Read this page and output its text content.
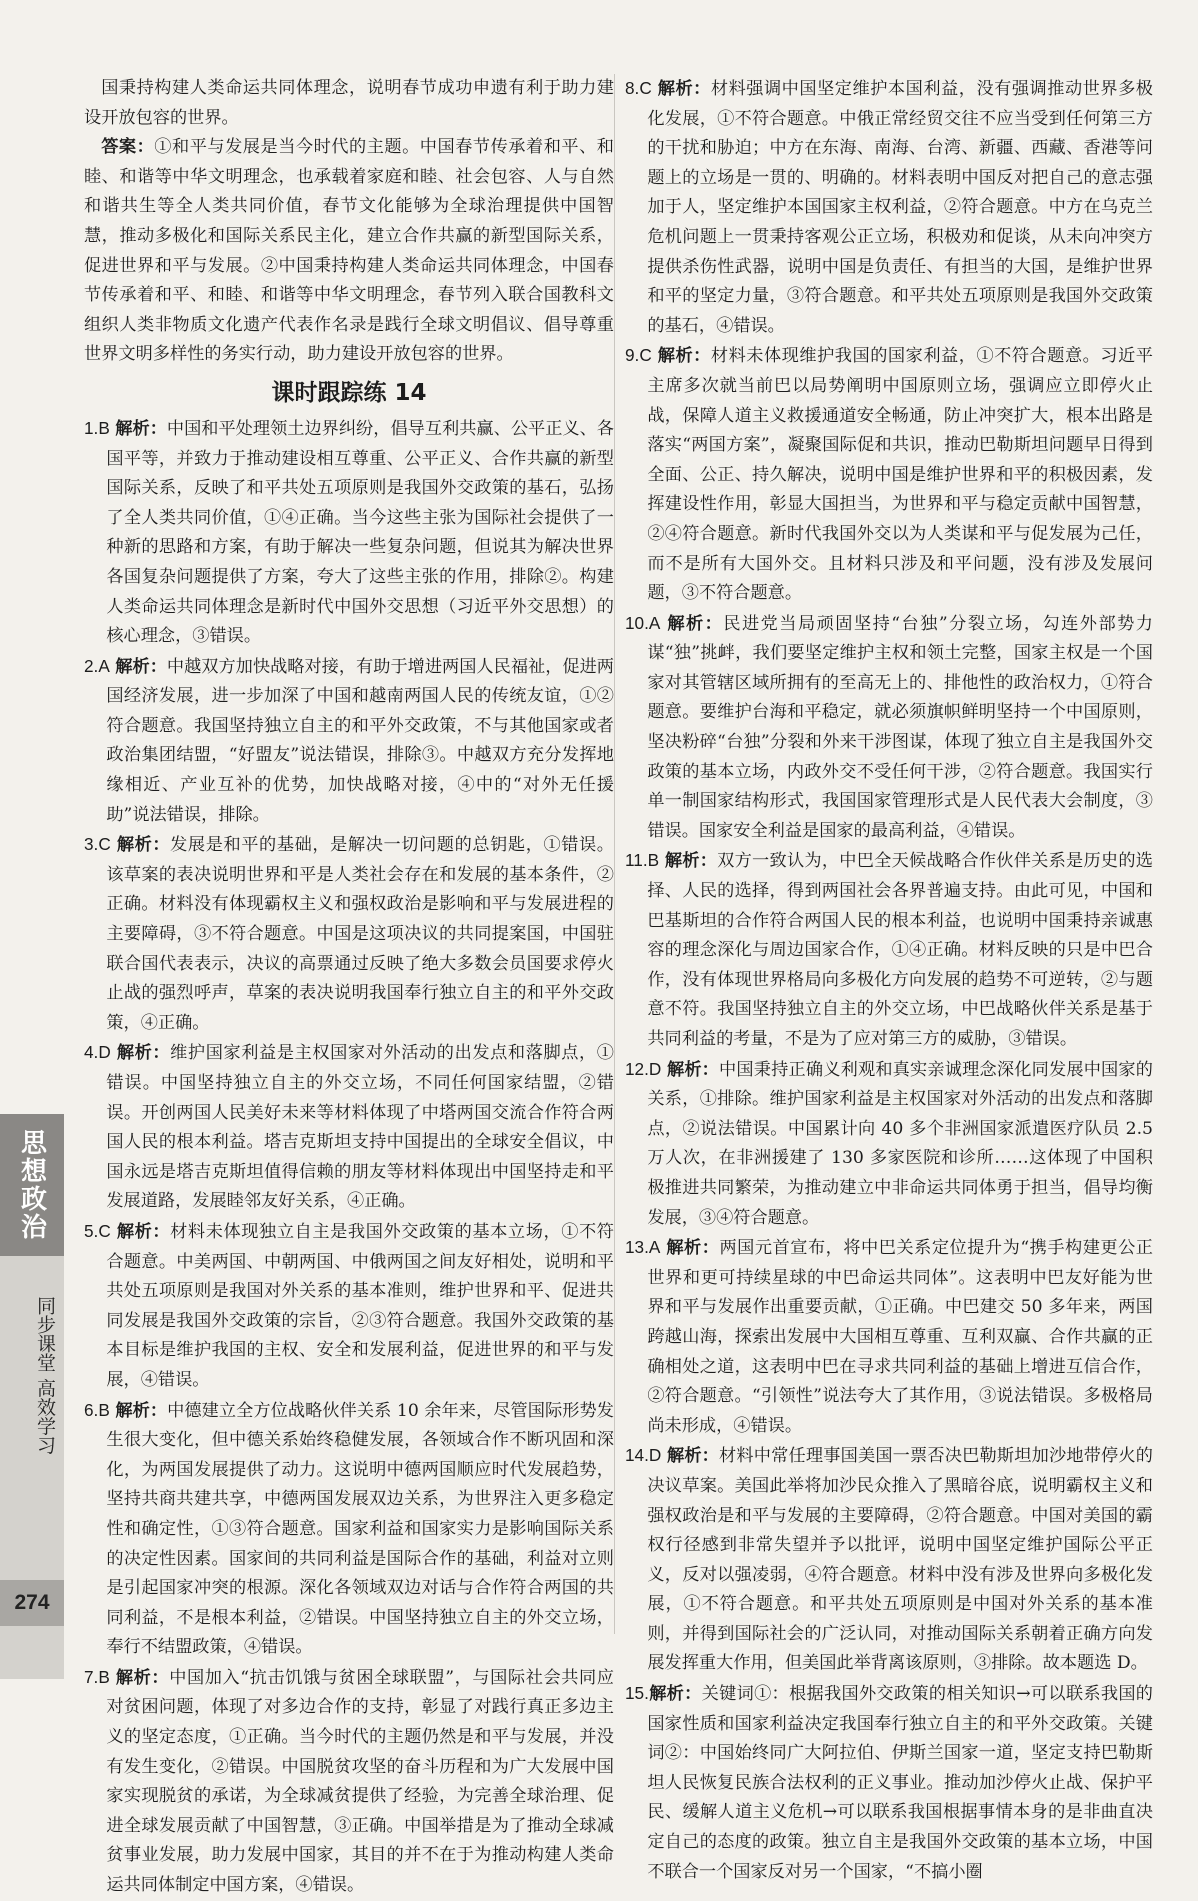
国秉持构建人类命运共同体理念，说明春节成功申遗有利于助力建设开放包容的世界。

答案：①和平与发展是当今时代的主题。中国春节传承着和平、和睦、和谐等中华文明理念，也承载着家庭和睦、社会包容、人与自然和谐共生等全人类共同价值，春节文化能够为全球治理提供中国智慧，推动多极化和国际关系民主化，建立合作共赢的新型国际关系，促进世界和平与发展。②中国秉持构建人类命运共同体理念，中国春节传承着和平、和睦、和谐等中华文明理念，春节列入联合国教科文组织人类非物质文化遗产代表作名录是践行全球文明倡议、倡导尊重世界文明多样性的务实行动，助力建设开放包容的世界。

课时跟踪练 14

1.B 解析：中国和平处理领土边界纠纷，倡导互利共赢、公平正义、各国平等，并致力于推动建设相互尊重、公平正义、合作共赢的新型国际关系，反映了和平共处五项原则是我国外交政策的基石，弘扬了全人类共同价值，①④正确。当今这些主张为国际社会提供了一种新的思路和方案，有助于解决一些复杂问题，但说其为解决世界各国复杂问题提供了方案，夸大了这些主张的作用，排除②。构建人类命运共同体理念是新时代中国外交思想（习近平外交思想）的核心理念，③错误。

2.A 解析：中越双方加快战略对接，有助于增进两国人民福祉，促进两国经济发展，进一步加深了中国和越南两国人民的传统友谊，①②符合题意。我国坚持独立自主的和平外交政策，不与其他国家或者政治集团结盟，“好盟友”说法错误，排除③。中越双方充分发挥地缘相近、产业互补的优势，加快战略对接，④中的“对外无任援助”说法错误，排除。

3.C 解析：发展是和平的基础，是解决一切问题的总钥匙，①错误。该草案的表决说明世界和平是人类社会存在和发展的基本条件，②正确。材料没有体现霸权主义和强权政治是影响和平与发展进程的主要障碍，③不符合题意。中国是这项决议的共同提案国，中国驻联合国代表表示，决议的高票通过反映了绝大多数会员国要求停火止战的强烈呼声，草案的表决说明我国奉行独立自主的和平外交政策，④正确。

4.D 解析：维护国家利益是主权国家对外活动的出发点和落脚点，①错误。中国坚持独立自主的外交立场，不同任何国家结盟，②错误。开创两国人民美好未来等材料体现了中塔两国交流合作符合两国人民的根本利益。塔吉克斯坦支持中国提出的全球安全倡议，中国永远是塔吉克斯坦值得信赖的朋友等材料体现出中国坚持走和平发展道路，发展睦邻友好关系，④正确。

5.C 解析：材料未体现独立自主是我国外交政策的基本立场，①不符合题意。中美两国、中朝两国、中俄两国之间友好相处，说明和平共处五项原则是我国对外关系的基本准则，维护世界和平、促进共同发展是我国外交政策的宗旨，②③符合题意。我国外交政策的基本目标是维护我国的主权、安全和发展利益，促进世界的和平与发展，④错误。

6.B 解析：中德建立全方位战略伙伴关系 10 余年来，尽管国际形势发生很大变化，但中德关系始终稳健发展，各领域合作不断巩固和深化，为两国发展提供了动力。这说明中德两国顺应时代发展趋势，坚持共商共建共享，中德两国发展双边关系，为世界注入更多稳定性和确定性，①③符合题意。国家利益和国家实力是影响国际关系的决定性因素。国家间的共同利益是国际合作的基础，利益对立则是引起国家冲突的根源。深化各领域双边对话与合作符合两国的共同利益，不是根本利益，②错误。中国坚持独立自主的外交立场，奉行不结盟政策，④错误。

7.B 解析：中国加入“抗击饥饿与贫困全球联盟”，与国际社会共同应对贫困问题，体现了对多边合作的支持，彰显了对践行真正多边主义的坚定态度，①正确。当今时代的主题仍然是和平与发展，并没有发生变化，②错误。中国脱贫攻坚的奋斗历程和为广大发展中国家实现脱贫的承诺，为全球减贫提供了经验，为完善全球治理、促进全球发展贡献了中国智慧，③正确。中国举措是为了推动全球减贫事业发展，助力发展中国家，其目的并不在于为推动构建人类命运共同体制定中国方案，④错误。

8.C 解析：材料强调中国坚定维护本国利益，没有强调推动世界多极化发展，①不符合题意。中俄正常经贸交往不应当受到任何第三方的干扰和胁迫；中方在东海、南海、台湾、新疆、西藏、香港等问题上的立场是一贯的、明确的。材料表明中国反对把自己的意志强加于人，坚定维护本国国家主权利益，②符合题意。中方在乌克兰危机问题上一贯秉持客观公正立场，积极劝和促谈，从未向冲突方提供杀伤性武器，说明中国是负责任、有担当的大国，是维护世界和平的坚定力量，③符合题意。和平共处五项原则是我国外交政策的基石，④错误。

9.C 解析：材料未体现维护我国的国家利益，①不符合题意。习近平主席多次就当前巴以局势阐明中国原则立场，强调应立即停火止战，保障人道主义救援通道安全畅通，防止冲突扩大，根本出路是落实“两国方案”，凝聚国际促和共识，推动巴勒斯坦问题早日得到全面、公正、持久解决，说明中国是维护世界和平的积极因素，发挥建设性作用，彰显大国担当，为世界和平与稳定贡献中国智慧，②④符合题意。新时代我国外交以为人类谋和平与促发展为己任，而不是所有大国外交。且材料只涉及和平问题，没有涉及发展问题，③不符合题意。

10.A 解析：民进党当局顽固坚持“台独”分裂立场，勾连外部势力谋“独”挑衅，我们要坚定维护主权和领土完整，国家主权是一个国家对其管辖区域所拥有的至高无上的、排他性的政治权力，①符合题意。要维护台海和平稳定，就必须旗帜鲜明坚持一个中国原则，坚决粉碎“台独”分裂和外来干涉图谋，体现了独立自主是我国外交政策的基本立场，内政外交不受任何干涉，②符合题意。我国实行单一制国家结构形式，我国国家管理形式是人民代表大会制度，③错误。国家安全利益是国家的最高利益，④错误。

11.B 解析：双方一致认为，中巴全天候战略合作伙伴关系是历史的选择、人民的选择，得到两国社会各界普遍支持。由此可见，中国和巴基斯坦的合作符合两国人民的根本利益，也说明中国秉持亲诚惠容的理念深化与周边国家合作，①④正确。材料反映的只是中巴合作，没有体现世界格局向多极化方向发展的趋势不可逆转，②与题意不符。我国坚持独立自主的外交立场，中巴战略伙伴关系是基于共同利益的考量，不是为了应对第三方的威胁，③错误。

12.D 解析：中国秉持正确义利观和真实亲诚理念深化同发展中国家的关系，①排除。维护国家利益是主权国家对外活动的出发点和落脚点，②说法错误。中国累计向 40 多个非洲国家派遣医疗队员 2.5 万人次，在非洲援建了 130 多家医院和诊所……这体现了中国积极推进共同繁荣，为推动建立中非命运共同体勇于担当，倡导均衡发展，③④符合题意。

13.A 解析：两国元首宣布，将中巴关系定位提升为“携手构建更公正世界和更可持续星球的中巴命运共同体”。这表明中巴友好能为世界和平与发展作出重要贡献，①正确。中巴建交 50 多年来，两国跨越山海，探索出发展中大国相互尊重、互利双赢、合作共赢的正确相处之道，这表明中巴在寻求共同利益的基础上增进互信合作，②符合题意。“引领性”说法夸大了其作用，③说法错误。多极格局尚未形成，④错误。

14.D 解析：材料中常任理事国美国一票否决巴勒斯坦加沙地带停火的决议草案。美国此举将加沙民众推入了黑暗谷底，说明霸权主义和强权政治是和平与发展的主要障碍，②符合题意。中国对美国的霸权行径感到非常失望并予以批评，说明中国坚定维护国际公平正义，反对以强凌弱，④符合题意。材料中没有涉及世界向多极化发展，①不符合题意。和平共处五项原则是中国对外关系的基本准则，并得到国际社会的广泛认同，对推动国际关系朝着正确方向发展发挥重大作用，但美国此举背离该原则，③排除。故本题选 D。

15.解析：关键词①：根据我国外交政策的相关知识→可以联系我国的国家性质和国家利益决定我国奉行独立自主的和平外交政策。关键词②：中国始终同广大阿拉伯、伊斯兰国家一道，坚定支持巴勒斯坦人民恢复民族合法权利的正义事业。推动加沙停火止战、保护平民、缓解人道主义危机→可以联系我国根据事情本身的是非曲直决定自己的态度的政策。独立自主是我国外交政策的基本立场，中国不联合一个国家反对另一个国家，“不搞小圈

思想政治
同步课堂 高效学习
274
